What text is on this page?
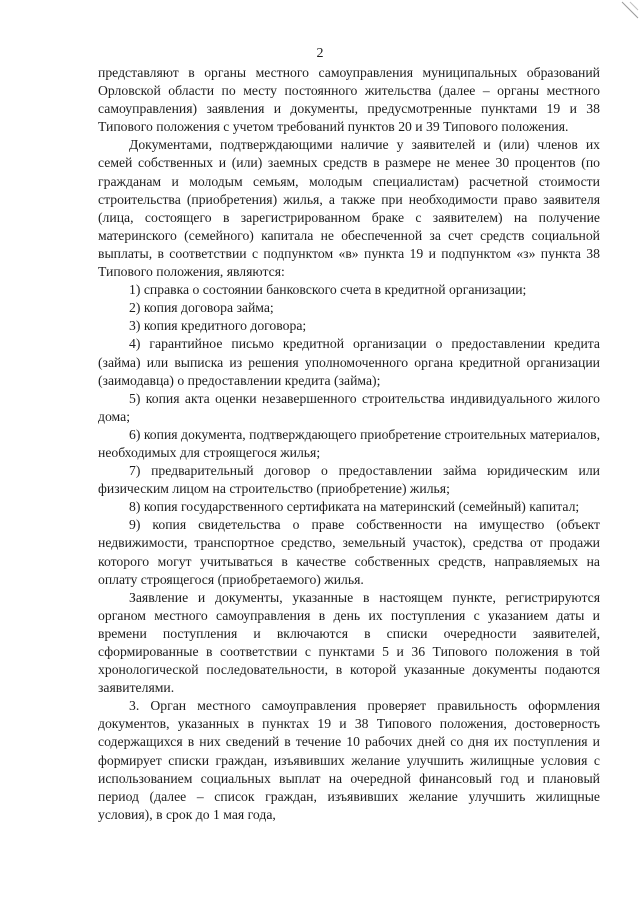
2

представляют в органы местного самоуправления муниципальных образований Орловской области по месту постоянного жительства (далее – органы местного самоуправления) заявления и документы, предусмотренные пунктами 19 и 38 Типового положения с учетом требований пунктов 20 и 39 Типового положения.

Документами, подтверждающими наличие у заявителей и (или) членов их семей собственных и (или) заемных средств в размере не менее 30 процентов (по гражданам и молодым семьям, молодым специалистам) расчетной стоимости строительства (приобретения) жилья, а также при необходимости право заявителя (лица, состоящего в зарегистрированном браке с заявителем) на получение материнского (семейного) капитала не обеспеченной за счет средств социальной выплаты, в соответствии с подпунктом «в» пункта 19 и подпунктом «з» пункта 38 Типового положения, являются:

1) справка о состоянии банковского счета в кредитной организации;

2) копия договора займа;

3) копия кредитного договора;

4) гарантийное письмо кредитной организации о предоставлении кредита (займа) или выписка из решения уполномоченного органа кредитной организации (заимодавца) о предоставлении кредита (займа);

5) копия акта оценки незавершенного строительства индивидуального жилого дома;

6) копия документа, подтверждающего приобретение строительных материалов, необходимых для строящегося жилья;

7) предварительный договор о предоставлении займа юридическим или физическим лицом на строительство (приобретение) жилья;

8) копия государственного сертификата на материнский (семейный) капитал;

9) копия свидетельства о праве собственности на имущество (объект недвижимости, транспортное средство, земельный участок), средства от продажи которого могут учитываться в качестве собственных средств, направляемых на оплату строящегося (приобретаемого) жилья.

Заявление и документы, указанные в настоящем пункте, регистрируются органом местного самоуправления в день их поступления с указанием даты и времени поступления и включаются в списки очередности заявителей, сформированные в соответствии с пунктами 5 и 36 Типового положения в той хронологической последовательности, в которой указанные документы подаются заявителями.

3. Орган местного самоуправления проверяет правильность оформления документов, указанных в пунктах 19 и 38 Типового положения, достоверность содержащихся в них сведений в течение 10 рабочих дней со дня их поступления и формирует списки граждан, изъявивших желание улучшить жилищные условия с использованием социальных выплат на очередной финансовый год и плановый период (далее – список граждан, изъявивших желание улучшить жилищные условия), в срок до 1 мая года,
